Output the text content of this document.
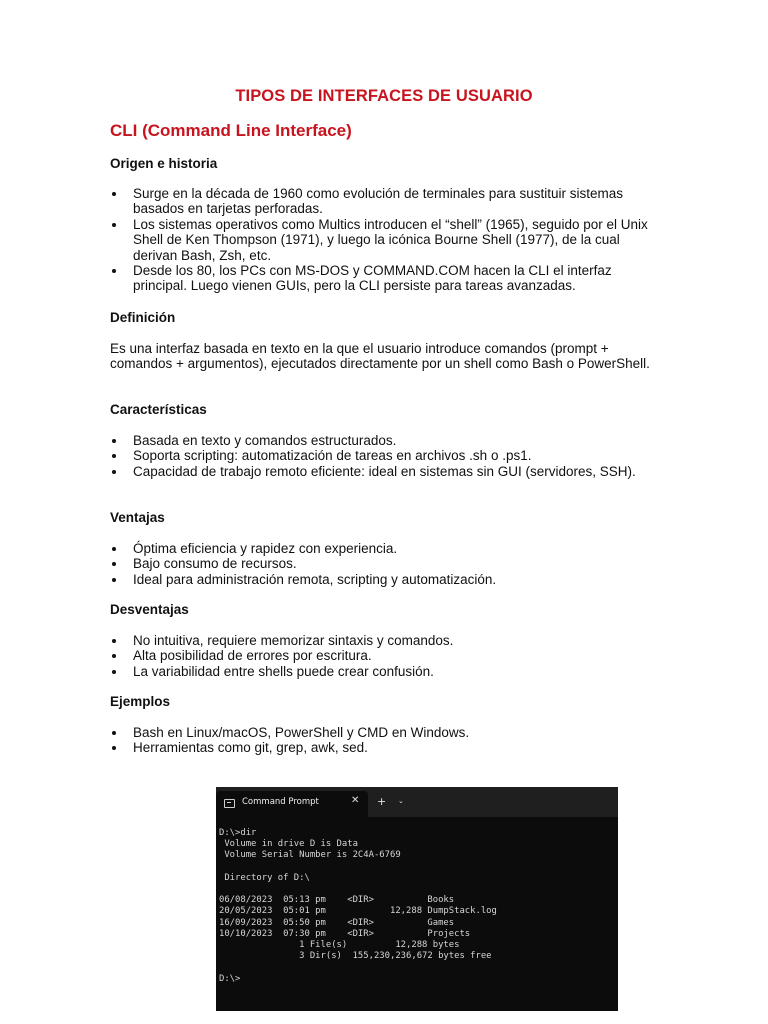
TIPOS DE INTERFACES DE USUARIO
CLI (Command Line Interface)
Origen e historia
Surge en la década de 1960 como evolución de terminales para sustituir sistemas basados en tarjetas perforadas.
Los sistemas operativos como Multics introducen el “shell” (1965), seguido por el Unix Shell de Ken Thompson (1971), y luego la icónica Bourne Shell (1977), de la cual derivan Bash, Zsh, etc.
Desde los 80, los PCs con MS-DOS y COMMAND.COM hacen la CLI el interfaz principal. Luego vienen GUIs, pero la CLI persiste para tareas avanzadas.
Definición
Es una interfaz basada en texto en la que el usuario introduce comandos (prompt + comandos + argumentos), ejecutados directamente por un shell como Bash o PowerShell.
Características
Basada en texto y comandos estructurados.
Soporta scripting: automatización de tareas en archivos .sh o .ps1.
Capacidad de trabajo remoto eficiente: ideal en sistemas sin GUI (servidores, SSH).
Ventajas
Óptima eficiencia y rapidez con experiencia.
Bajo consumo de recursos.
Ideal para administración remota, scripting y automatización.
Desventajas
No intuitiva, requiere memorizar sintaxis y comandos.
Alta posibilidad de errores por escritura.
La variabilidad entre shells puede crear confusión.
Ejemplos
Bash en Linux/macOS, PowerShell y CMD en Windows.
Herramientas como git, grep, awk, sed.
Command Prompt	✕ + ⌄
D:\>dir
Volume in drive D is Data
Volume Serial Number is 2C4A-6769

Directory of D:\

06/08/2023  05:13 pm    <DIR>          Books
20/05/2023  05:01 pm            12,288 DumpStack.log
16/09/2023  05:50 pm    <DIR>          Games
10/10/2023  07:30 pm    <DIR>          Projects
1 File(s)         12,288 bytes
3 Dir(s)  155,230,236,672 bytes free

D:\>
